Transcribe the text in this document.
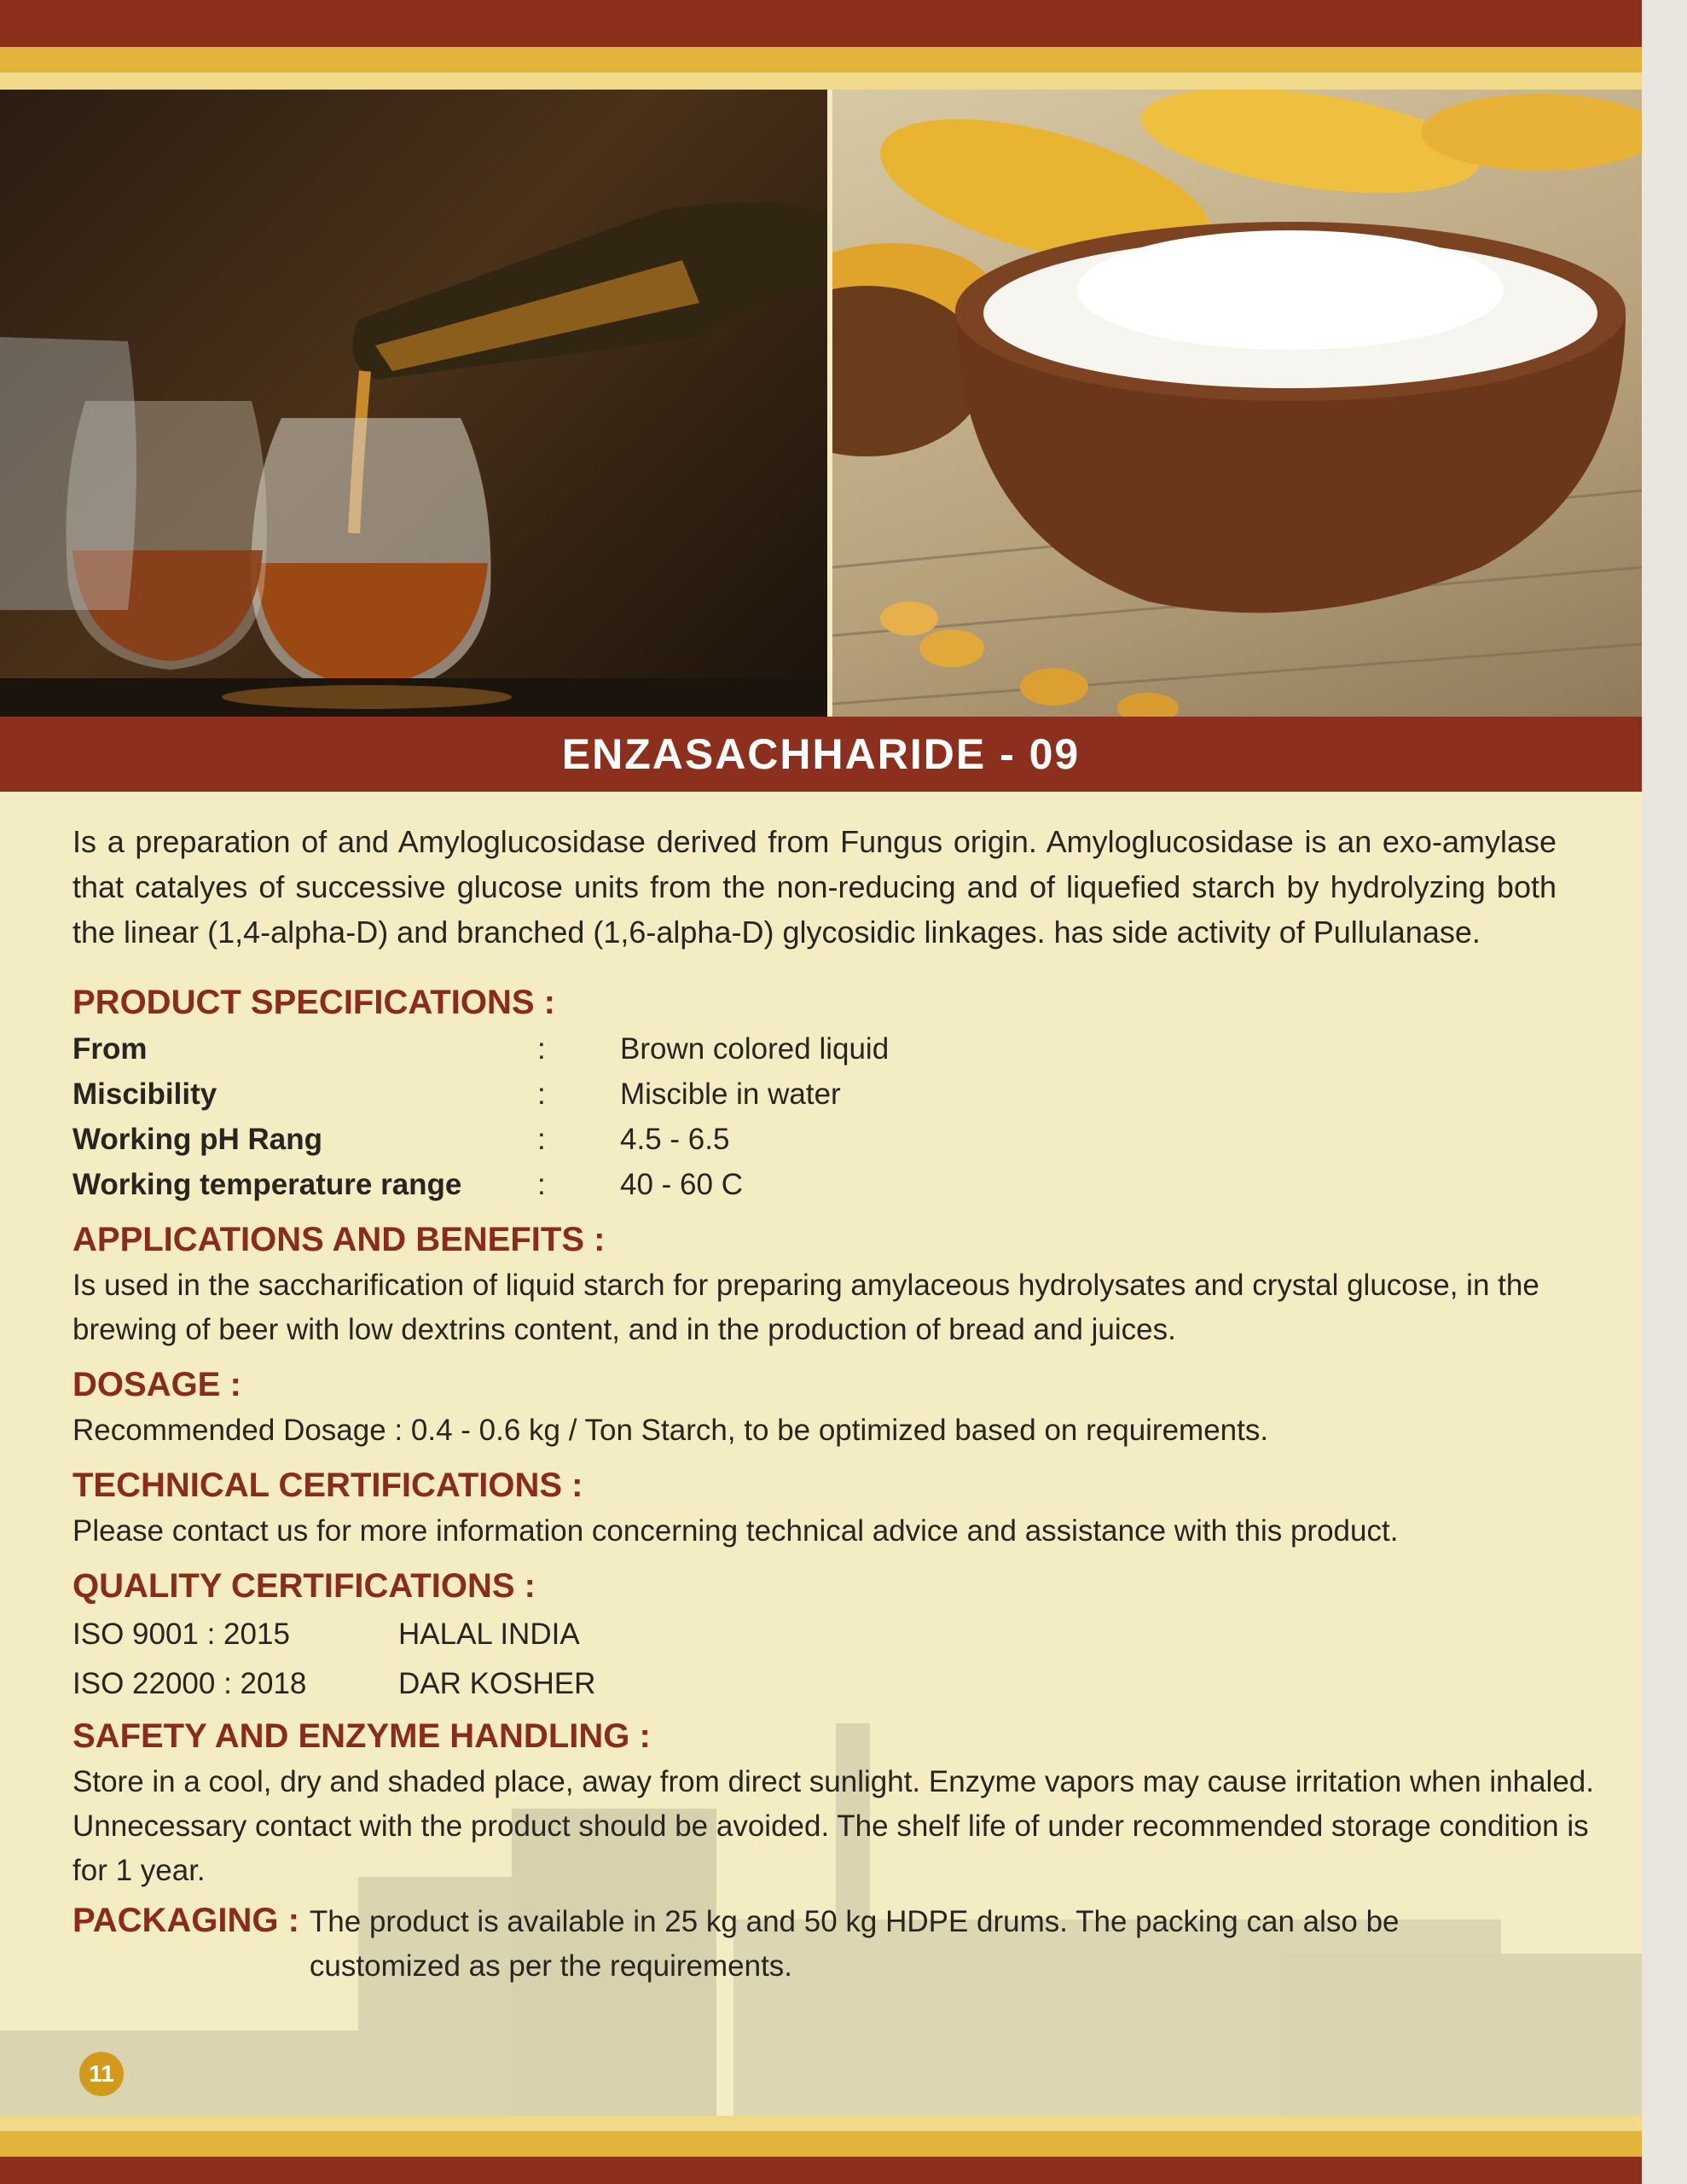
ENZASACHHARIDE - 09

Is a preparation of and Amyloglucosidase derived from Fungus origin. Amyloglucosidase is an exo-amylase that catalyes of successive glucose units from the non-reducing and of liquefied starch by hydrolyzing both the linear (1,4-alpha-D) and branched (1,6-alpha-D) glycosidic linkages. has side activity of Pullulanase.

PRODUCT SPECIFICATIONS :
From	:	Brown colored liquid
Miscibility	:	Miscible in water
Working pH Rang	:	4.5 - 6.5
Working temperature range	:	40 - 60 C
APPLICATIONS AND BENEFITS :

Is used in the saccharification of liquid starch for preparing amylaceous hydrolysates and crystal glucose, in the brewing of beer with low dextrins content, and in the production of bread and juices.

DOSAGE :

Recommended Dosage : 0.4 - 0.6 kg / Ton Starch, to be optimized based on requirements.

TECHNICAL CERTIFICATIONS :

Please contact us for more information concerning technical advice and assistance with this product.

QUALITY CERTIFICATIONS :
ISO 9001 : 2015	HALAL INDIA
ISO 22000 : 2018	DAR KOSHER
SAFETY AND ENZYME HANDLING :

Store in a cool, dry and shaded place, away from direct sunlight. Enzyme vapors may cause irritation when inhaled. Unnecessary contact with the product should be avoided. The shelf life of under recommended storage condition is for 1 year.

PACKAGING : The product is available in 25 kg and 50 kg HDPE drums. The packing can also be customized as per the requirements.

11
